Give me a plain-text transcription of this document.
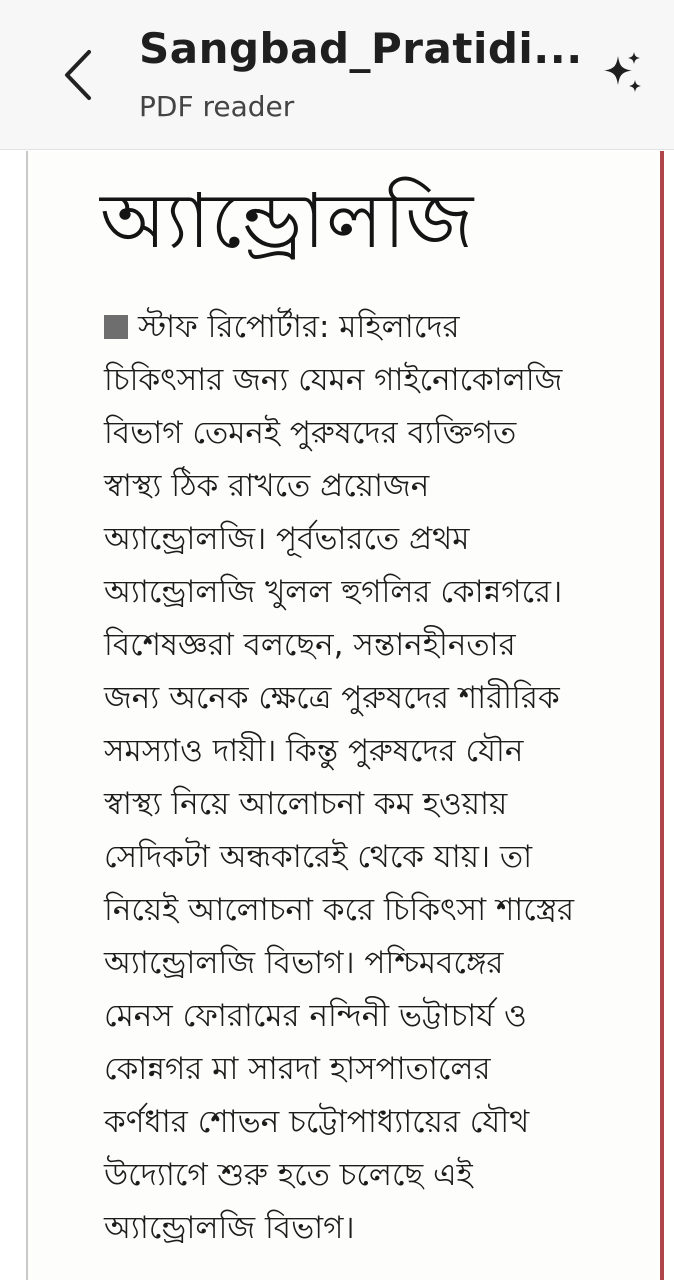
Sangbad_Pratidi...
PDF reader
অ্যান্ড্রোলজি
স্টাফ রিপোর্টার: মহিলাদের
চিকিৎসার জন্য যেমন গাইনোকোলজি
বিভাগ তেমনই পুরুষদের ব্যক্তিগত
স্বাস্থ্য ঠিক রাখতে প্রয়োজন
অ্যান্ড্রোলজি। পূর্বভারতে প্রথম
অ্যান্ড্রোলজি খুলল হুগলির কোন্নগরে।
বিশেষজ্ঞরা বলছেন, সন্তানহীনতার
জন্য অনেক ক্ষেত্রে পুরুষদের শারীরিক
সমস্যাও দায়ী। কিন্তু পুরুষদের যৌন
স্বাস্থ্য নিয়ে আলোচনা কম হওয়ায়
সেদিকটা অন্ধকারেই থেকে যায়। তা
নিয়েই আলোচনা করে চিকিৎসা শাস্ত্রের
অ্যান্ড্রোলজি বিভাগ। পশ্চিমবঙ্গের
মেনস ফোরামের নন্দিনী ভট্টাচার্য ও
কোন্নগর মা সারদা হাসপাতালের
কর্ণধার শোভন চট্টোপাধ্যায়ের যৌথ
উদ্যোগে শুরু হতে চলেছে এই
অ্যান্ড্রোলজি বিভাগ।
